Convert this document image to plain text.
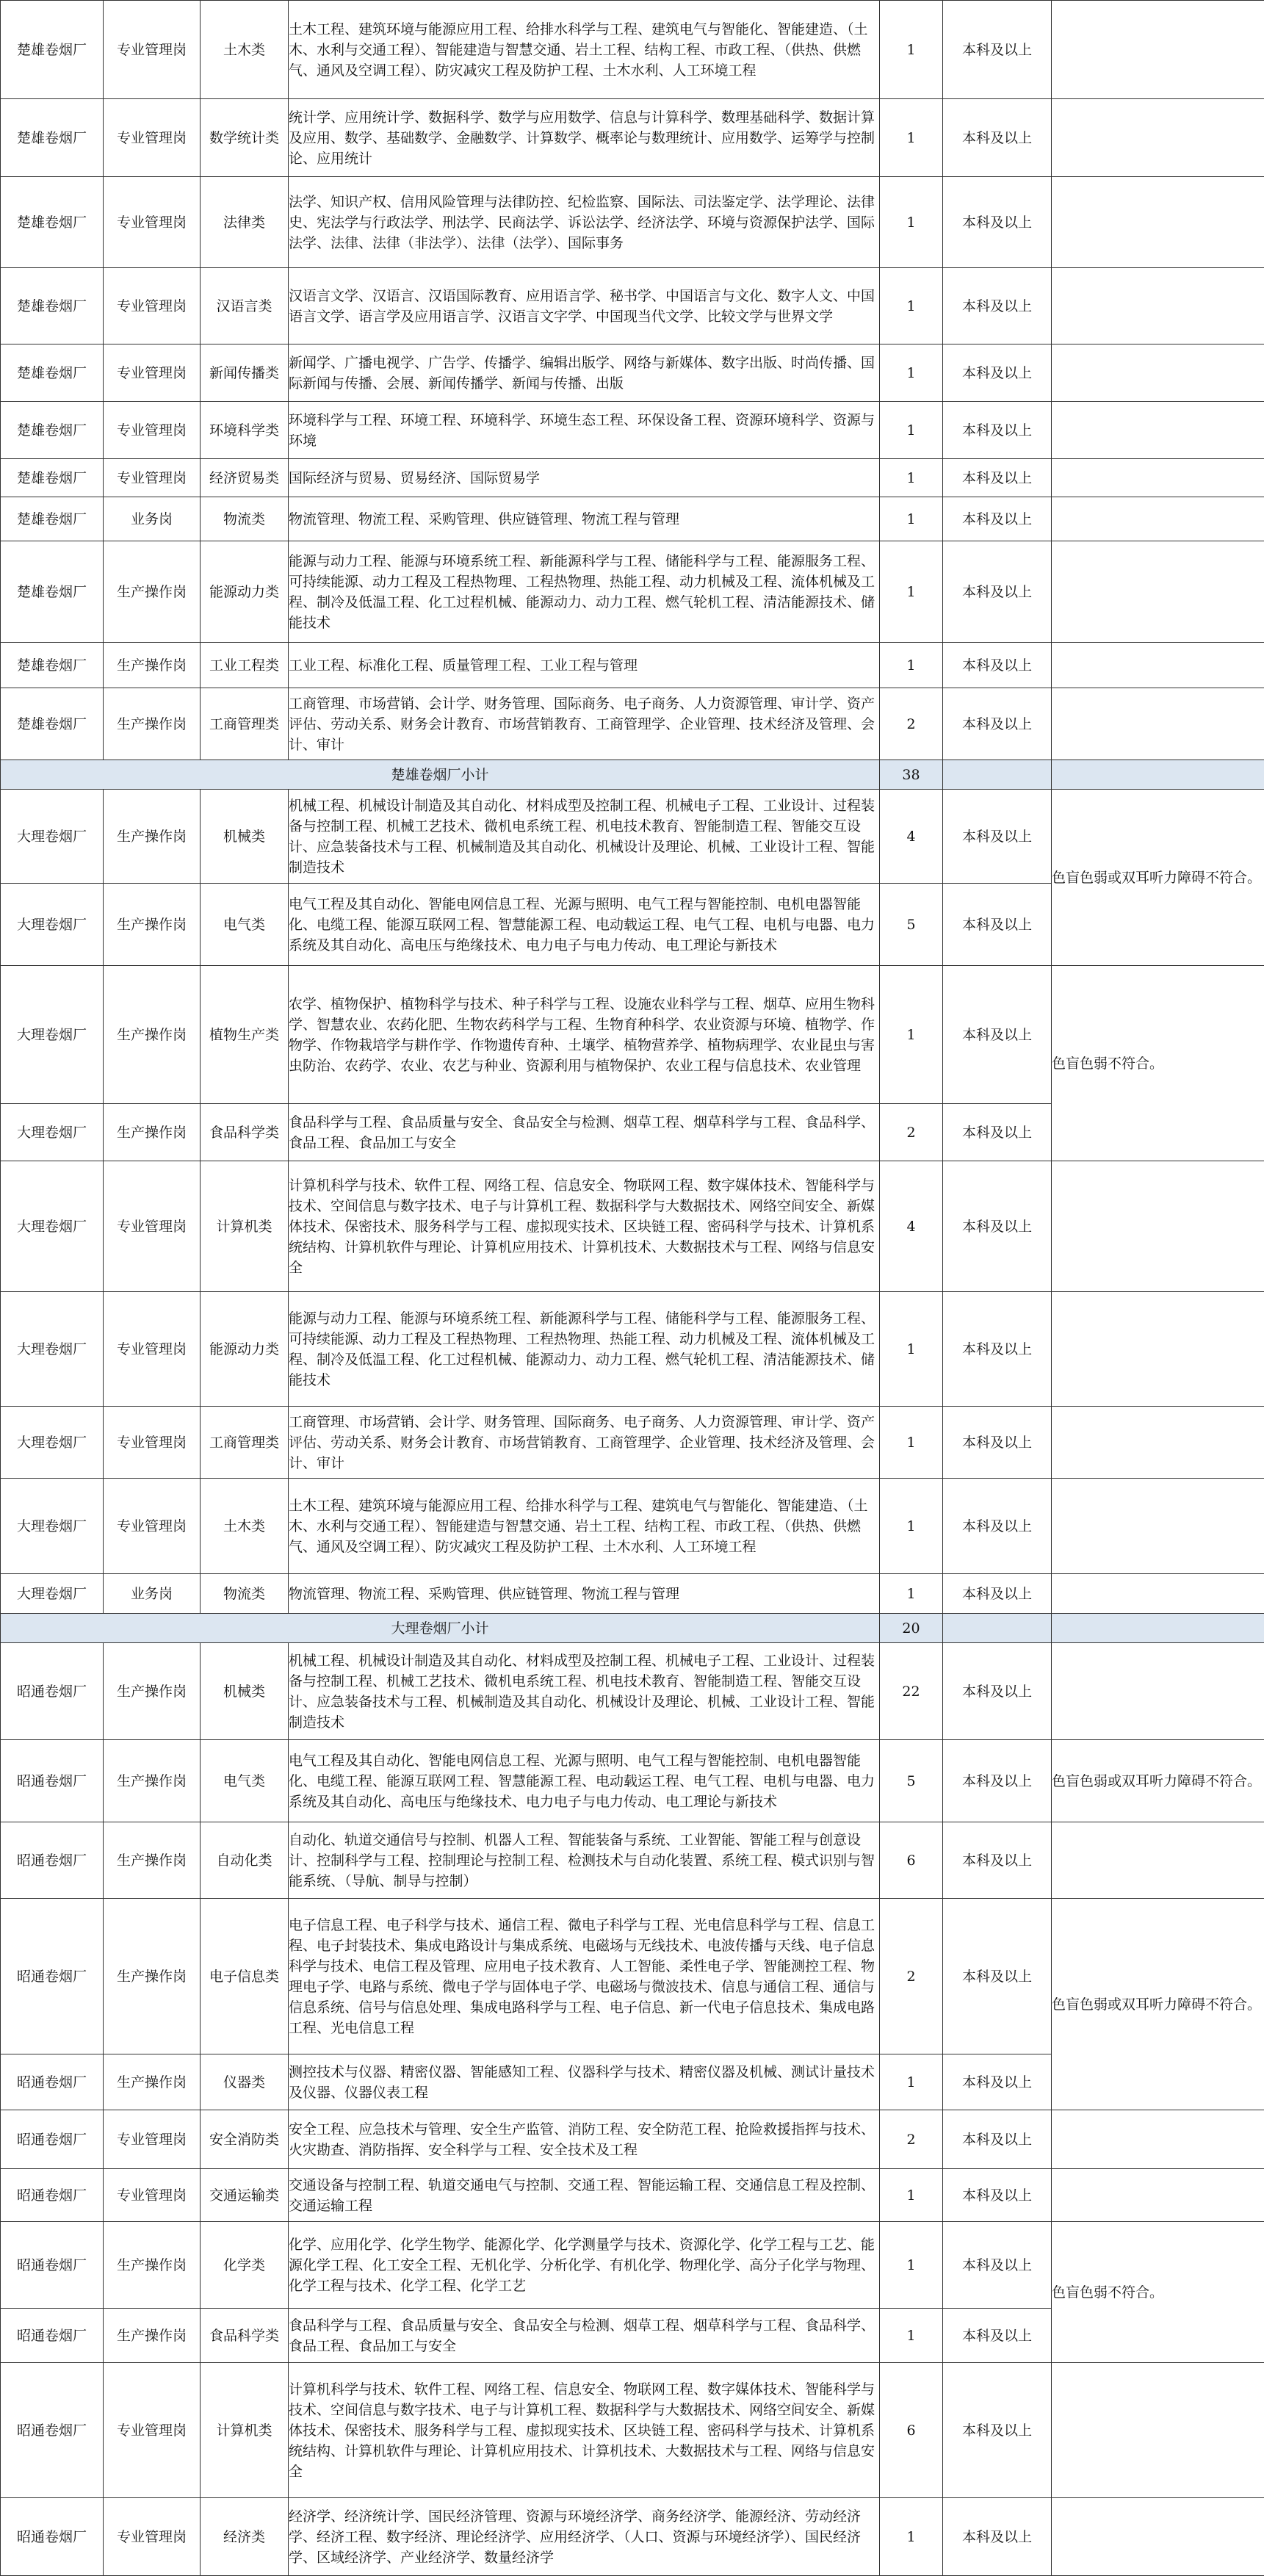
楚雄卷烟厂	专业管理岗	土木类	土木工程、建筑环境与能源应用工程、给排水科学与工程、建筑电气与智能化、智能建造、（土木、水利与交通工程）、智能建造与智慧交通、岩土工程、结构工程、市政工程、（供热、供燃气、通风及空调工程）、防灾减灾工程及防护工程、土木水利、人工环境工程	1	本科及以上	
楚雄卷烟厂	专业管理岗	数学统计类	统计学、应用统计学、数据科学、数学与应用数学、信息与计算科学、数理基础科学、数据计算及应用、数学、基础数学、金融数学、计算数学、概率论与数理统计、应用数学、运筹学与控制论、应用统计	1	本科及以上	
楚雄卷烟厂	专业管理岗	法律类	法学、知识产权、信用风险管理与法律防控、纪检监察、国际法、司法鉴定学、法学理论、法律史、宪法学与行政法学、刑法学、民商法学、诉讼法学、经济法学、环境与资源保护法学、国际法学、法律、法律（非法学）、法律（法学）、国际事务	1	本科及以上	
楚雄卷烟厂	专业管理岗	汉语言类	汉语言文学、汉语言、汉语国际教育、应用语言学、秘书学、中国语言与文化、数字人文、中国语言文学、语言学及应用语言学、汉语言文字学、中国现当代文学、比较文学与世界文学	1	本科及以上	
楚雄卷烟厂	专业管理岗	新闻传播类	新闻学、广播电视学、广告学、传播学、编辑出版学、网络与新媒体、数字出版、时尚传播、国际新闻与传播、会展、新闻传播学、新闻与传播、出版	1	本科及以上	
楚雄卷烟厂	专业管理岗	环境科学类	环境科学与工程、环境工程、环境科学、环境生态工程、环保设备工程、资源环境科学、资源与环境	1	本科及以上	
楚雄卷烟厂	专业管理岗	经济贸易类	国际经济与贸易、贸易经济、国际贸易学	1	本科及以上	
楚雄卷烟厂	业务岗	物流类	物流管理、物流工程、采购管理、供应链管理、物流工程与管理	1	本科及以上	
楚雄卷烟厂	生产操作岗	能源动力类	能源与动力工程、能源与环境系统工程、新能源科学与工程、储能科学与工程、能源服务工程、可持续能源、动力工程及工程热物理、工程热物理、热能工程、动力机械及工程、流体机械及工程、制冷及低温工程、化工过程机械、能源动力、动力工程、燃气轮机工程、清洁能源技术、储能技术	1	本科及以上	
楚雄卷烟厂	生产操作岗	工业工程类	工业工程、标准化工程、质量管理工程、工业工程与管理	1	本科及以上	
楚雄卷烟厂	生产操作岗	工商管理类	工商管理、市场营销、会计学、财务管理、国际商务、电子商务、人力资源管理、审计学、资产评估、劳动关系、财务会计教育、市场营销教育、工商管理学、企业管理、技术经济及管理、会计、审计	2	本科及以上	
楚雄卷烟厂小计				38		
大理卷烟厂	生产操作岗	机械类	机械工程、机械设计制造及其自动化、材料成型及控制工程、机械电子工程、工业设计、过程装备与控制工程、机械工艺技术、微机电系统工程、机电技术教育、智能制造工程、智能交互设计、应急装备技术与工程、机械制造及其自动化、机械设计及理论、机械、工业设计工程、智能制造技术	4	本科及以上	色盲色弱或双耳听力障碍不符合。
大理卷烟厂	生产操作岗	电气类	电气工程及其自动化、智能电网信息工程、光源与照明、电气工程与智能控制、电机电器智能化、电缆工程、能源互联网工程、智慧能源工程、电动载运工程、电气工程、电机与电器、电力系统及其自动化、高电压与绝缘技术、电力电子与电力传动、电工理论与新技术	5	本科及以上	
大理卷烟厂	生产操作岗	植物生产类	农学、植物保护、植物科学与技术、种子科学与工程、设施农业科学与工程、烟草、应用生物科学、智慧农业、农药化肥、生物农药科学与工程、生物育种科学、农业资源与环境、植物学、作物学、作物栽培学与耕作学、作物遗传育种、土壤学、植物营养学、植物病理学、农业昆虫与害虫防治、农药学、农业、农艺与种业、资源利用与植物保护、农业工程与信息技术、农业管理	1	本科及以上	色盲色弱不符合。
大理卷烟厂	生产操作岗	食品科学类	食品科学与工程、食品质量与安全、食品安全与检测、烟草工程、烟草科学与工程、食品科学、食品工程、食品加工与安全	2	本科及以上	
大理卷烟厂	专业管理岗	计算机类	计算机科学与技术、软件工程、网络工程、信息安全、物联网工程、数字媒体技术、智能科学与技术、空间信息与数字技术、电子与计算机工程、数据科学与大数据技术、网络空间安全、新媒体技术、保密技术、服务科学与工程、虚拟现实技术、区块链工程、密码科学与技术、计算机系统结构、计算机软件与理论、计算机应用技术、计算机技术、大数据技术与工程、网络与信息安全	4	本科及以上	
大理卷烟厂	专业管理岗	能源动力类	能源与动力工程、能源与环境系统工程、新能源科学与工程、储能科学与工程、能源服务工程、可持续能源、动力工程及工程热物理、工程热物理、热能工程、动力机械及工程、流体机械及工程、制冷及低温工程、化工过程机械、能源动力、动力工程、燃气轮机工程、清洁能源技术、储能技术	1	本科及以上	
大理卷烟厂	专业管理岗	工商管理类	工商管理、市场营销、会计学、财务管理、国际商务、电子商务、人力资源管理、审计学、资产评估、劳动关系、财务会计教育、市场营销教育、工商管理学、企业管理、技术经济及管理、会计、审计	1	本科及以上	
大理卷烟厂	专业管理岗	土木类	土木工程、建筑环境与能源应用工程、给排水科学与工程、建筑电气与智能化、智能建造、（土木、水利与交通工程）、智能建造与智慧交通、岩土工程、结构工程、市政工程、（供热、供燃气、通风及空调工程）、防灾减灾工程及防护工程、土木水利、人工环境工程	1	本科及以上	
大理卷烟厂	业务岗	物流类	物流管理、物流工程、采购管理、供应链管理、物流工程与管理	1	本科及以上	
大理卷烟厂小计				20		
昭通卷烟厂	生产操作岗	机械类	机械工程、机械设计制造及其自动化、材料成型及控制工程、机械电子工程、工业设计、过程装备与控制工程、机械工艺技术、微机电系统工程、机电技术教育、智能制造工程、智能交互设计、应急装备技术与工程、机械制造及其自动化、机械设计及理论、机械、工业设计工程、智能制造技术	22	本科及以上	
昭通卷烟厂	生产操作岗	电气类	电气工程及其自动化、智能电网信息工程、光源与照明、电气工程与智能控制、电机电器智能化、电缆工程、能源互联网工程、智慧能源工程、电动载运工程、电气工程、电机与电器、电力系统及其自动化、高电压与绝缘技术、电力电子与电力传动、电工理论与新技术	5	本科及以上	色盲色弱或双耳听力障碍不符合。
昭通卷烟厂	生产操作岗	自动化类	自动化、轨道交通信号与控制、机器人工程、智能装备与系统、工业智能、智能工程与创意设计、控制科学与工程、控制理论与控制工程、检测技术与自动化装置、系统工程、模式识别与智能系统、（导航、制导与控制）	6	本科及以上	
昭通卷烟厂	生产操作岗	电子信息类	电子信息工程、电子科学与技术、通信工程、微电子科学与工程、光电信息科学与工程、信息工程、电子封装技术、集成电路设计与集成系统、电磁场与无线技术、电波传播与天线、电子信息科学与技术、电信工程及管理、应用电子技术教育、人工智能、柔性电子学、智能测控工程、物理电子学、电路与系统、微电子学与固体电子学、电磁场与微波技术、信息与通信工程、通信与信息系统、信号与信息处理、集成电路科学与工程、电子信息、新一代电子信息技术、集成电路工程、光电信息工程	2	本科及以上	色盲色弱或双耳听力障碍不符合。
昭通卷烟厂	生产操作岗	仪器类	测控技术与仪器、精密仪器、智能感知工程、仪器科学与技术、精密仪器及机械、测试计量技术及仪器、仪器仪表工程	1	本科及以上	
昭通卷烟厂	专业管理岗	安全消防类	安全工程、应急技术与管理、安全生产监管、消防工程、安全防范工程、抢险救援指挥与技术、火灾勘查、消防指挥、安全科学与工程、安全技术及工程	2	本科及以上	
昭通卷烟厂	专业管理岗	交通运输类	交通设备与控制工程、轨道交通电气与控制、交通工程、智能运输工程、交通信息工程及控制、交通运输工程	1	本科及以上	
昭通卷烟厂	生产操作岗	化学类	化学、应用化学、化学生物学、能源化学、化学测量学与技术、资源化学、化学工程与工艺、能源化学工程、化工安全工程、无机化学、分析化学、有机化学、物理化学、高分子化学与物理、化学工程与技术、化学工程、化学工艺	1	本科及以上	色盲色弱不符合。
昭通卷烟厂	生产操作岗	食品科学类	食品科学与工程、食品质量与安全、食品安全与检测、烟草工程、烟草科学与工程、食品科学、食品工程、食品加工与安全	1	本科及以上	
昭通卷烟厂	专业管理岗	计算机类	计算机科学与技术、软件工程、网络工程、信息安全、物联网工程、数字媒体技术、智能科学与技术、空间信息与数字技术、电子与计算机工程、数据科学与大数据技术、网络空间安全、新媒体技术、保密技术、服务科学与工程、虚拟现实技术、区块链工程、密码科学与技术、计算机系统结构、计算机软件与理论、计算机应用技术、计算机技术、大数据技术与工程、网络与信息安全	6	本科及以上	
昭通卷烟厂	专业管理岗	经济类	经济学、经济统计学、国民经济管理、资源与环境经济学、商务经济学、能源经济、劳动经济学、经济工程、数字经济、理论经济学、应用经济学、（人口、资源与环境经济学）、国民经济学、区域经济学、产业经济学、数量经济学	1	本科及以上	
